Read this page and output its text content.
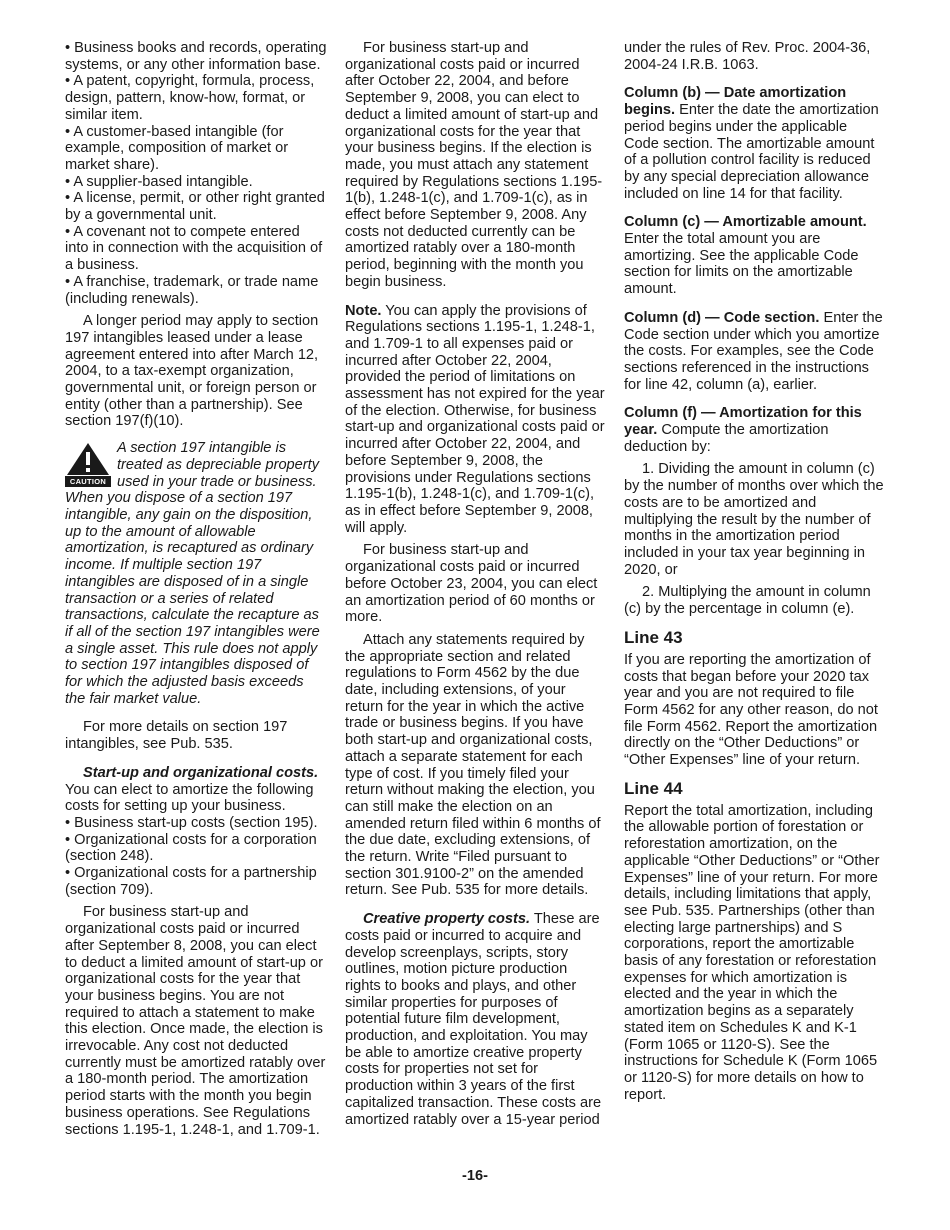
• Business books and records, operating systems, or any other information base.

• A patent, copyright, formula, process, design, pattern, know-how, format, or similar item.

• A customer-based intangible (for example, composition of market or market share).

• A supplier-based intangible.

• A license, permit, or other right granted by a governmental unit.

• A covenant not to compete entered into in connection with the acquisition of a business.

• A franchise, trademark, or trade name (including renewals).

A longer period may apply to section 197 intangibles leased under a lease agreement entered into after March 12, 2004, to a tax-exempt organization, governmental unit, or foreign person or entity (other than a partnership). See section 197(f)(10).

CAUTION
A section 197 intangible is treated as depreciable property used in your trade or business. When you dispose of a section 197 intangible, any gain on the disposition, up to the amount of allowable amortization, is recaptured as ordinary income. If multiple section 197 intangibles are disposed of in a single transaction or a series of related transactions, calculate the recapture as if all of the section 197 intangibles were a single asset. This rule does not apply to section 197 intangibles disposed of for which the adjusted basis exceeds the fair market value.

For more details on section 197 intangibles, see Pub. 535.

Start-up and organizational costs. You can elect to amortize the following costs for setting up your business.

• Business start-up costs (section 195).

• Organizational costs for a corporation (section 248).

• Organizational costs for a partnership (section 709).

For business start-up and organizational costs paid or incurred after September 8, 2008, you can elect to deduct a limited amount of start-up or organizational costs for the year that your business begins. You are not required to attach a statement to make this election. Once made, the election is irrevocable. Any cost not deducted currently must be amortized ratably over a 180-month period. The amortization period starts with the month you begin business operations. See Regulations sections 1.195-1, 1.248-1, and 1.709-1.

For business start-up and organizational costs paid or incurred after October 22, 2004, and before September 9, 2008, you can elect to deduct a limited amount of start-up and organizational costs for the year that your business begins. If the election is made, you must attach any statement required by Regulations sections 1.195-1(b), 1.248-1(c), and 1.709-1(c), as in effect before September 9, 2008. Any costs not deducted currently can be amortized ratably over a 180-month period, beginning with the month you begin business.

Note. You can apply the provisions of Regulations sections 1.195-1, 1.248-1, and 1.709-1 to all expenses paid or incurred after October 22, 2004, provided the period of limitations on assessment has not expired for the year of the election. Otherwise, for business start-up and organizational costs paid or incurred after October 22, 2004, and before September 9, 2008, the provisions under Regulations sections 1.195-1(b), 1.248-1(c), and 1.709-1(c), as in effect before September 9, 2008, will apply.

For business start-up and organizational costs paid or incurred before October 23, 2004, you can elect an amortization period of 60 months or more.

Attach any statements required by the appropriate section and related regulations to Form 4562 by the due date, including extensions, of your return for the year in which the active trade or business begins. If you have both start-up and organizational costs, attach a separate statement for each type of cost. If you timely filed your return without making the election, you can still make the election on an amended return filed within 6 months of the due date, excluding extensions, of the return. Write “Filed pursuant to section 301.9100-2” on the amended return. See Pub. 535 for more details.

Creative property costs. These are costs paid or incurred to acquire and develop screenplays, scripts, story outlines, motion picture production rights to books and plays, and other similar properties for purposes of potential future film development, production, and exploitation. You may be able to amortize creative property costs for properties not set for production within 3 years of the first capitalized transaction. These costs are amortized ratably over a 15-year period

under the rules of Rev. Proc. 2004-36, 2004-24 I.R.B. 1063.

Column (b) — Date amortization begins. Enter the date the amortization period begins under the applicable Code section. The amortizable amount of a pollution control facility is reduced by any special depreciation allowance included on line 14 for that facility.

Column (c) — Amortizable amount. Enter the total amount you are amortizing. See the applicable Code section for limits on the amortizable amount.

Column (d) — Code section. Enter the Code section under which you amortize the costs. For examples, see the Code sections referenced in the instructions for line 42, column (a), earlier.

Column (f) — Amortization for this year. Compute the amortization deduction by:

1. Dividing the amount in column (c) by the number of months over which the costs are to be amortized and multiplying the result by the number of months in the amortization period included in your tax year beginning in 2020, or

2. Multiplying the amount in column (c) by the percentage in column (e).

Line 43

If you are reporting the amortization of costs that began before your 2020 tax year and you are not required to file Form 4562 for any other reason, do not file Form 4562. Report the amortization directly on the “Other Deductions” or “Other Expenses” line of your return.

Line 44

Report the total amortization, including the allowable portion of forestation or reforestation amortization, on the applicable “Other Deductions” or “Other Expenses” line of your return. For more details, including limitations that apply, see Pub. 535. Partnerships (other than electing large partnerships) and S corporations, report the amortizable basis of any forestation or reforestation expenses for which amortization is elected and the year in which the amortization begins as a separately stated item on Schedules K and K-1 (Form 1065 or 1120-S). See the instructions for Schedule K (Form 1065 or 1120-S) for more details on how to report.

-16-
